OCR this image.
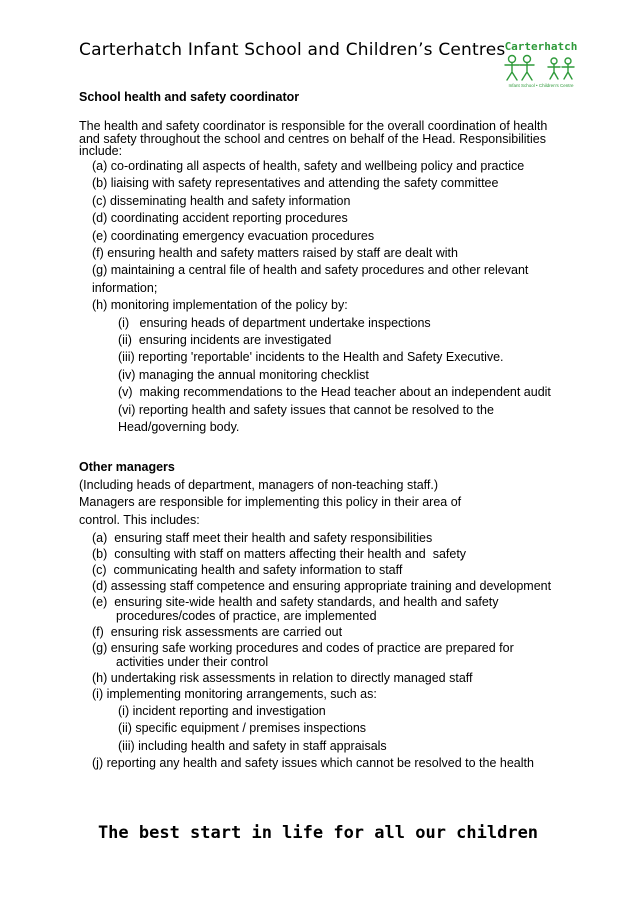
Carterhatch Infant School and Children’s Centres Carterhatch
Infant School • Children's Centre

School health and safety coordinator

The health and safety coordinator is responsible for the overall coordination of health and safety throughout the school and centres on behalf of the Head. Responsibilities include:

(a) co-ordinating all aspects of health, safety and wellbeing policy and practice

(b) liaising with safety representatives and attending the safety committee

(c) disseminating health and safety information

(d) coordinating accident reporting procedures

(e) coordinating emergency evacuation procedures

(f) ensuring health and safety matters raised by staff are dealt with

(g) maintaining a central file of health and safety procedures and other relevant information;

(h) monitoring implementation of the policy by:

(i)   ensuring heads of department undertake inspections

(ii)  ensuring incidents are investigated

(iii) reporting 'reportable' incidents to the Health and Safety Executive.

(iv) managing the annual monitoring checklist

(v)  making recommendations to the Head teacher about an independent audit

(vi) reporting health and safety issues that cannot be resolved to the Head/governing body.

Other managers

(Including heads of department, managers of non-teaching staff.)

Managers are responsible for implementing this policy in their area of control. This includes:

(a)  ensuring staff meet their health and safety responsibilities

(b)  consulting with staff on matters affecting their health and  safety

(c)  communicating health and safety information to staff

(d) assessing staff competence and ensuring appropriate training and development

(e)  ensuring site-wide health and safety standards, and health and safety procedures/codes of practice, are implemented

(f)  ensuring risk assessments are carried out

(g) ensuring safe working procedures and codes of practice are prepared for activities under their control

(h) undertaking risk assessments in relation to directly managed staff

(i) implementing monitoring arrangements, such as:

(i) incident reporting and investigation

(ii) specific equipment / premises inspections

(iii) including health and safety in staff appraisals

(j) reporting any health and safety issues which cannot be resolved to the health

The best start in life for all our children
